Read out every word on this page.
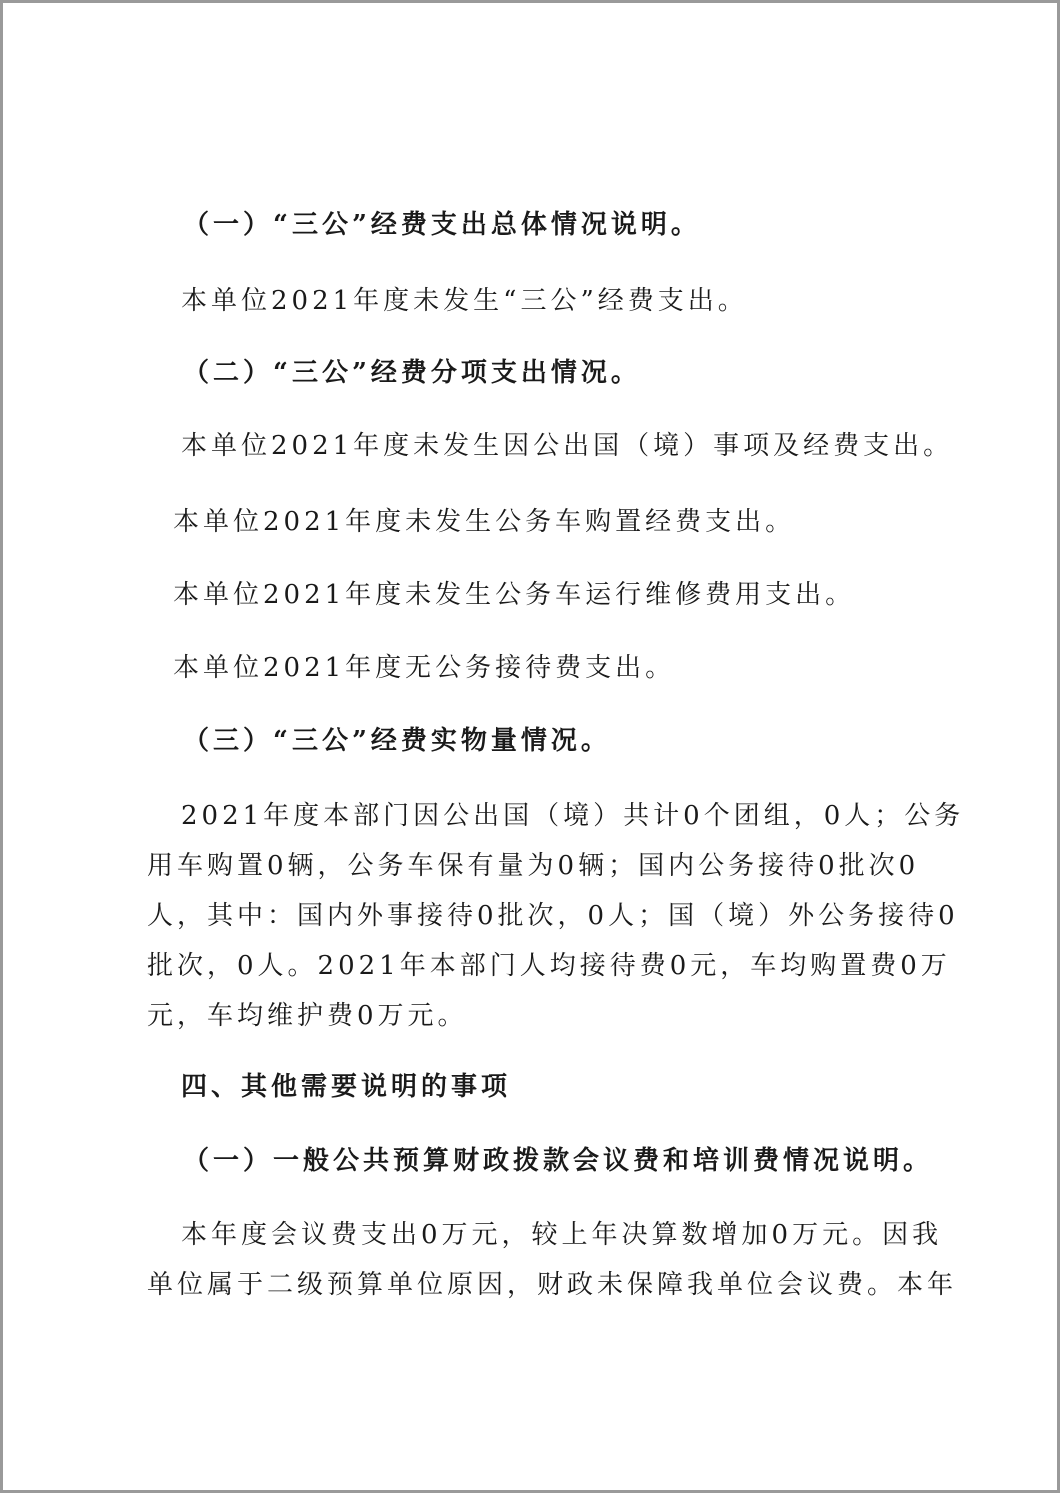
（一）“三公”经费支出总体情况说明。
本单位2021年度未发生“三公”经费支出。
（二）“三公”经费分项支出情况。
本单位2021年度未发生因公出国（境）事项及经费支出。
本单位2021年度未发生公务车购置经费支出。
本单位2021年度未发生公务车运行维修费用支出。
本单位2021年度无公务接待费支出。
（三）“三公”经费实物量情况。
2021年度本部门因公出国（境）共计0个团组，0人；公务
用车购置0辆，公务车保有量为0辆；国内公务接待0批次0
人，其中：国内外事接待0批次，0人；国（境）外公务接待0
批次，0人。2021年本部门人均接待费0元，车均购置费0万
元，车均维护费0万元。
四、其他需要说明的事项
（一）一般公共预算财政拨款会议费和培训费情况说明。
本年度会议费支出0万元，较上年决算数增加0万元。因我
单位属于二级预算单位原因，财政未保障我单位会议费。本年
